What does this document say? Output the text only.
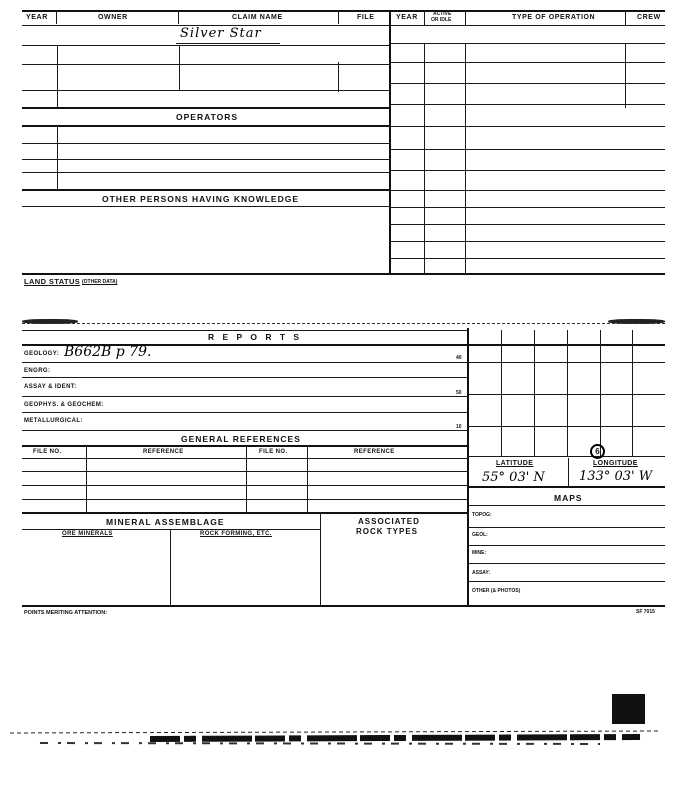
YEAR	OWNER	CLAIM NAME	FILE	YEAR	ACTIVE
OR IDLE	TYPE OF OPERATION	CREW
Silver Star
OPERATORS
OTHER PERSONS HAVING KNOWLEDGE
LAND STATUS (OTHER DATA)
R E P O R T S
GEOLOGY: B662B p 79.	40
ENGRG:
ASSAY & IDENT:
50
GEOPHYS. & GEOCHEM:
METALLURGICAL:
10
GENERAL REFERENCES
FILE NO.	REFERENCE	FILE NO.	REFERENCE
MINERAL ASSEMBLAGE
ORE MINERALS	ROCK FORMING, ETC.
ASSOCIATED
ROCK TYPES
6
LATITUDE	LONGITUDE
55° 03' N	133° 03' W
MAPS
TOPOG:
GEOL:
MINE:
ASSAY:
OTHER (& PHOTOS)
POINTS MERITING ATTENTION:	SF 7015
